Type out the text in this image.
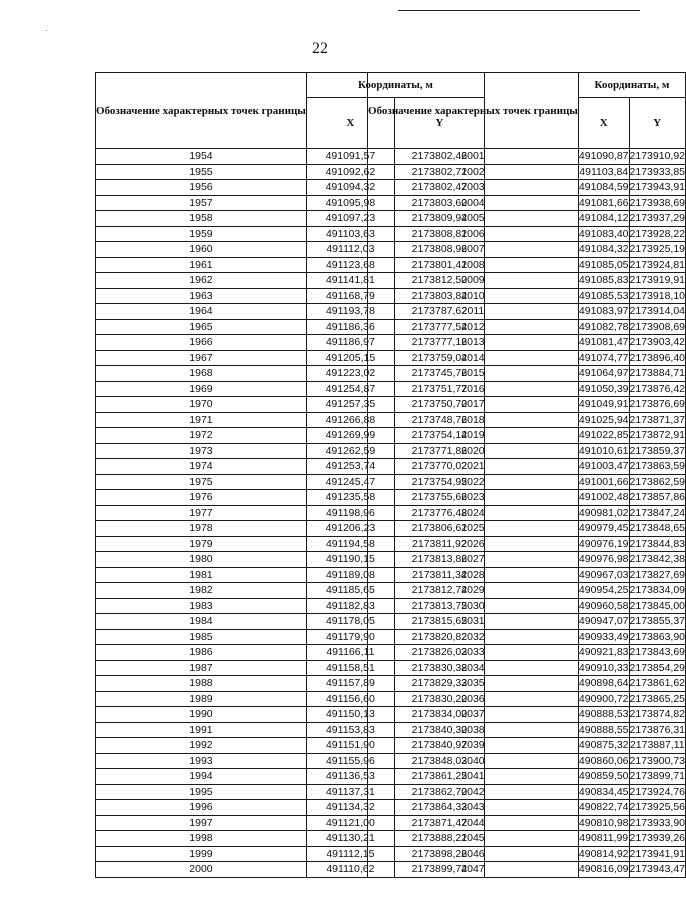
22
Обозначение характерных точек границы	Координаты, м	
	X	Y
1954	491091,57	2173802,46
1955	491092,62	2173802,71
1956	491094,32	2173802,47
1957	491095,98	2173803,60
1958	491097,23	2173809,94
1959	491103,63	2173808,81
1960	491112,03	2173808,96
1961	491123,68	2173801,41
1962	491141,81	2173812,50
1963	491168,79	2173803,84
1964	491193,78	2173787,62
1965	491186,36	2173777,54
1966	491186,97	2173777,16
1967	491205,15	2173759,04
1968	491223,02	2173745,76
1969	491254,87	2173751,77
1970	491257,35	2173750,70
1971	491266,88	2173748,76
1972	491269,99	2173754,14
1973	491262,59	2173771,86
1974	491253,74	2173770,02
1975	491245,47	2173754,95
1976	491235,58	2173755,66
1977	491198,96	2173776,48
1978	491206,23	2173806,61
1979	491194,58	2173811,92
1980	491190,15	2173813,86
1981	491189,08	2173811,34
1982	491185,65	2173812,74
1983	491182,83	2173813,75
1984	491178,05	2173815,65
1985	491179,90	2173820,82
1986	491166,11	2173826,03
1987	491158,51	2173830,38
1988	491157,89	2173829,33
1989	491156,60	2173830,20
1990	491150,13	2173834,00
1991	491153,83	2173840,30
1992	491151,90	2173840,97
1993	491155,96	2173848,03
1994	491136,53	2173861,25
1995	491137,31	2173862,70
1996	491134,32	2173864,33
1997	491121,00	2173871,47
1998	491130,21	2173888,21
1999	491112,15	2173898,26
2000	491110,62	2173899,74
Обозначение характерных точек границы	Координаты, м	
	X	Y
2001	491090,87	2173910,92
2002	491103,84	2173933,85
2003	491084,59	2173943,91
2004	491081,66	2173938,69
2005	491084,12	2173937,29
2006	491083,40	2173928,22
2007	491084,32	2173925,19
2008	491085,05	2173924,81
2009	491085,83	2173919,91
2010	491085,53	2173918,10
2011	491083,97	2173914,04
2012	491082,78	2173908,69
2013	491081,47	2173903,42
2014	491074,77	2173896,40
2015	491064,97	2173884,71
2016	491050,39	2173876,42
2017	491049,91	2173876,69
2018	491025,94	2173871,37
2019	491022,85	2173872,91
2020	491010,61	2173859,37
2021	491003,47	2173863,59
2022	491001,66	2173862,59
2023	491002,48	2173857,86
2024	490981,02	2173847,24
2025	490979,45	2173848,65
2026	490976,19	2173844,83
2027	490976,98	2173842,38
2028	490967,03	2173827,69
2029	490954,25	2173834,09
2030	490960,58	2173845,00
2031	490947,07	2173855,37
2032	490933,49	2173863,90
2033	490921,83	2173843,69
2034	490910,33	2173854,29
2035	490898,64	2173861,62
2036	490900,72	2173865,25
2037	490888,53	2173874,82
2038	490888,55	2173876,31
2039	490875,32	2173887,11
2040	490860,06	2173900,73
2041	490859,50	2173899,71
2042	490834,45	2173924,76
2043	490822,74	2173925,56
2044	490810,98	2173933,90
2045	490811,99	2173939,26
2046	490814,92	2173941,91
2047	490816,09	2173943,47
